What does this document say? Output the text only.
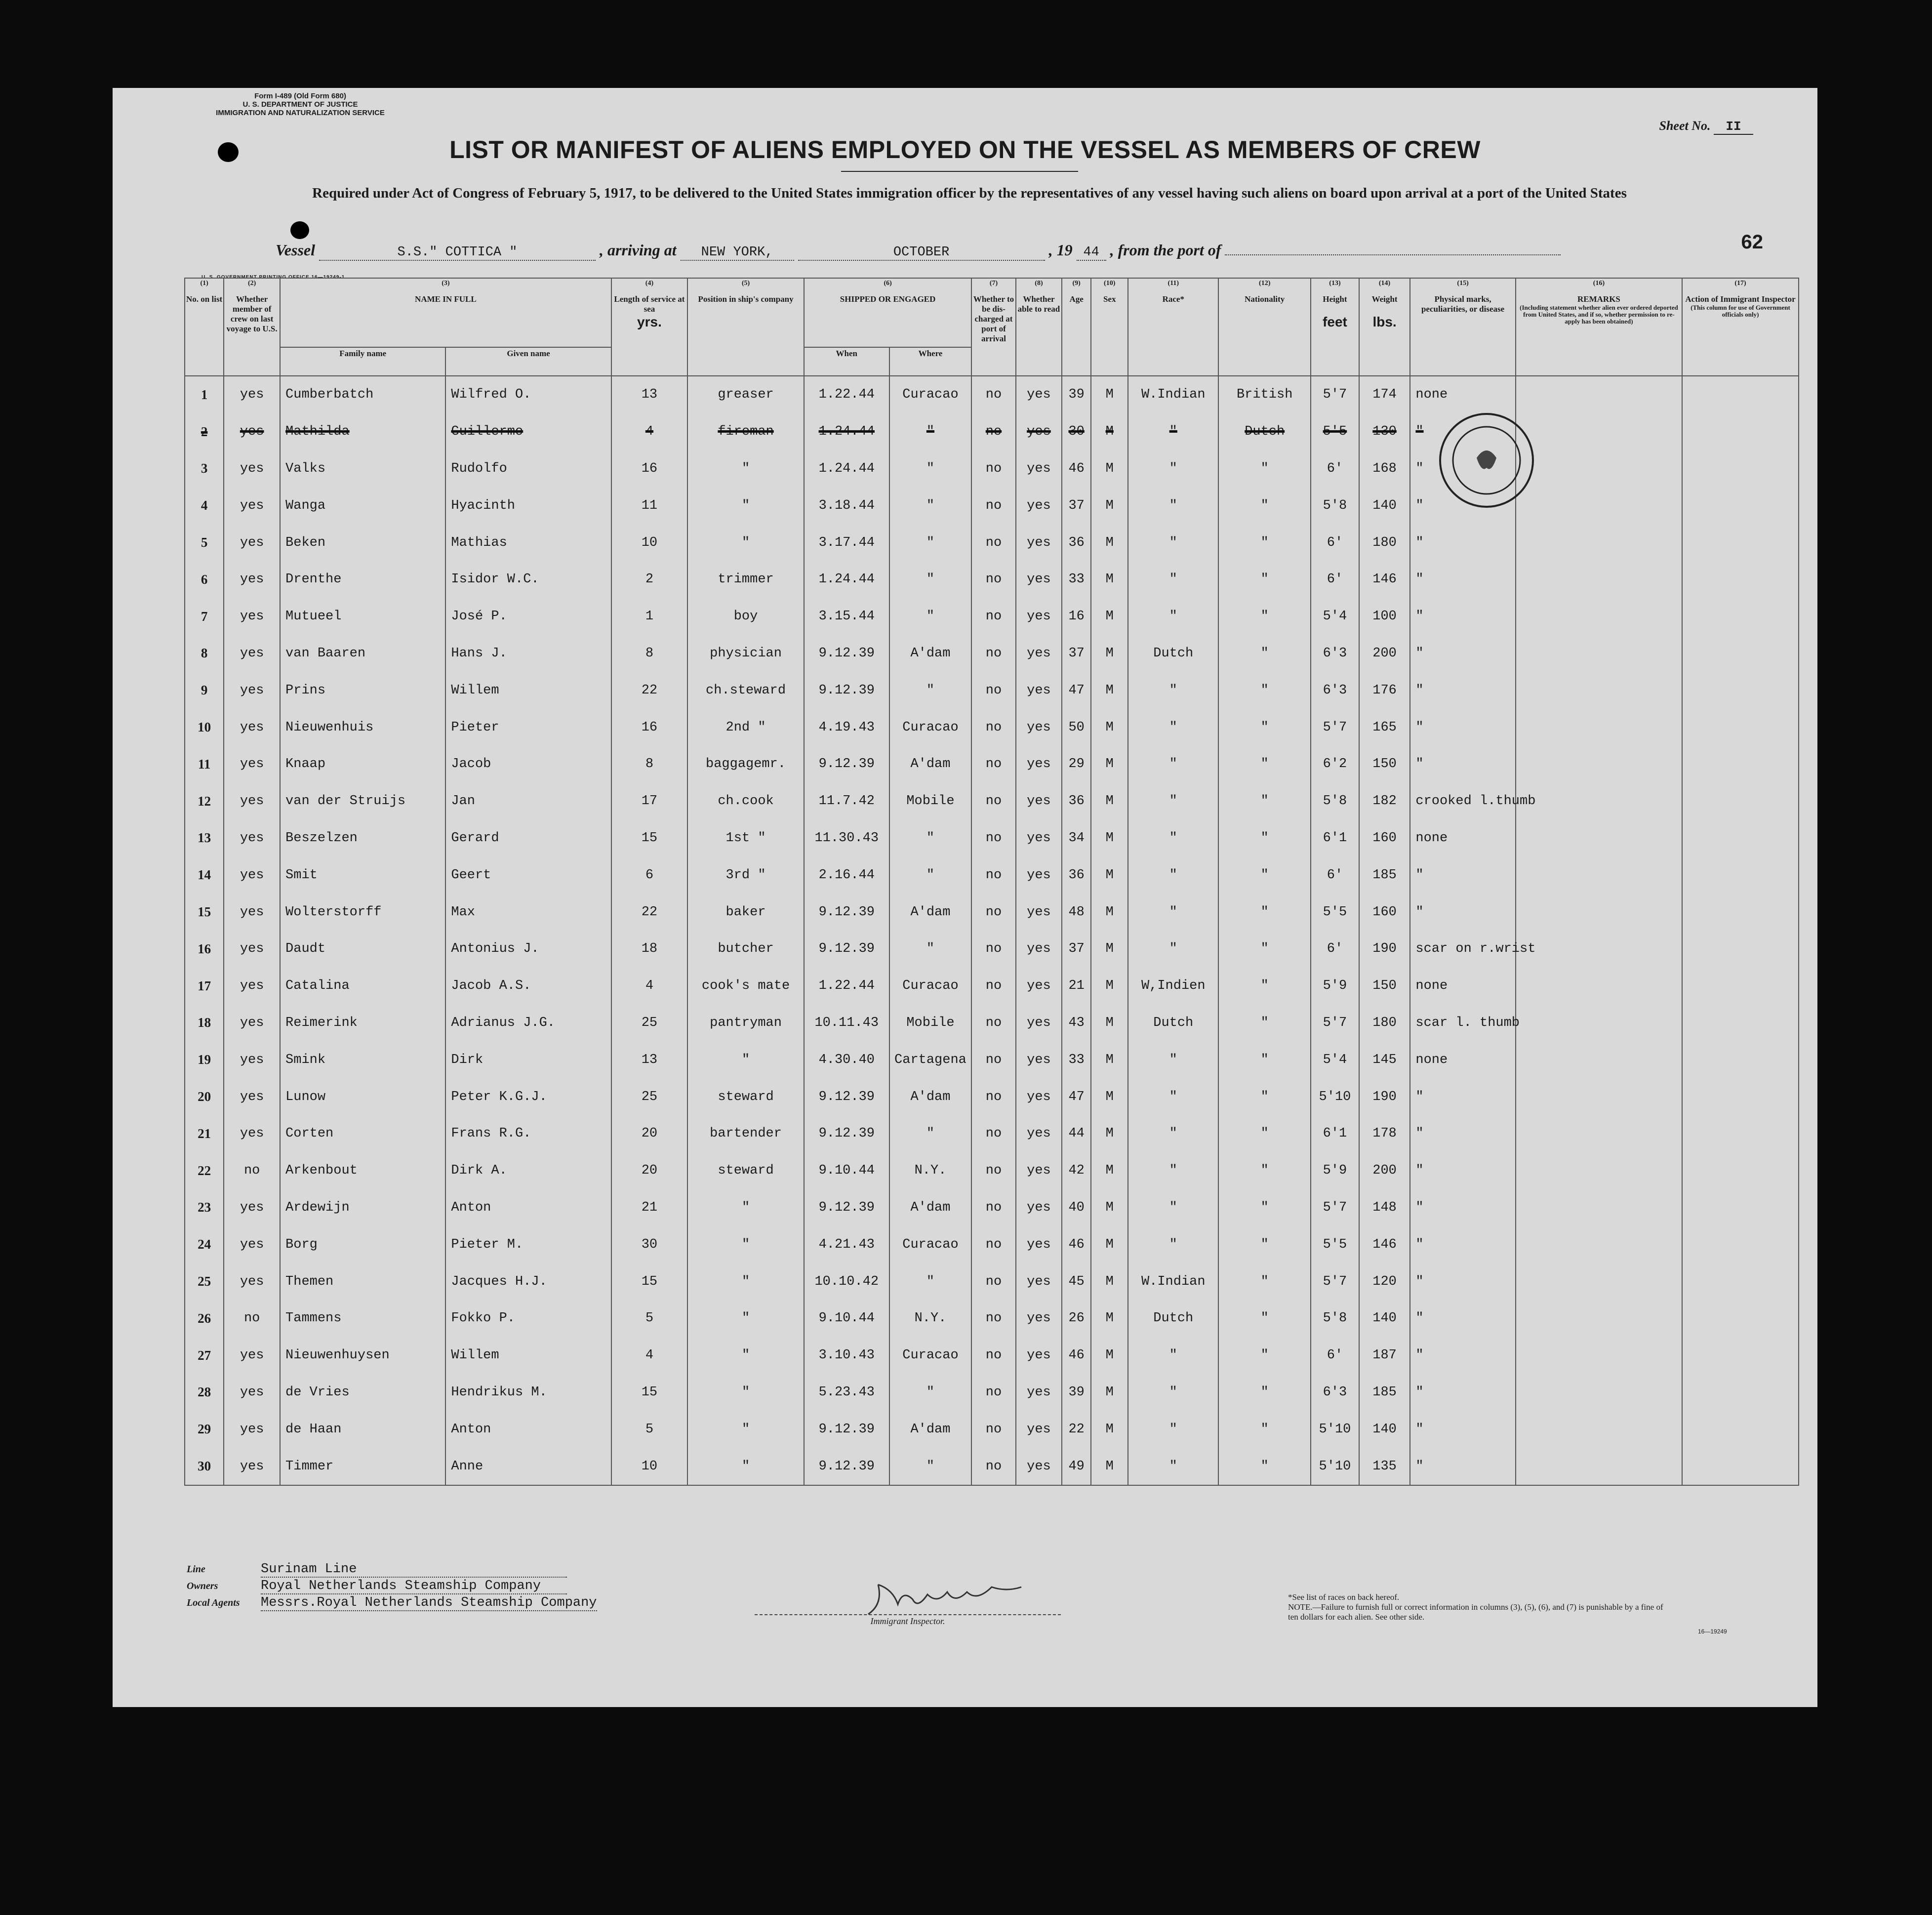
Form I-489 (Old Form 680)
U. S. DEPARTMENT OF JUSTICE
IMMIGRATION AND NATURALIZATION SERVICE
Sheet No. II
LIST OR MANIFEST OF ALIENS EMPLOYED ON THE VESSEL AS MEMBERS OF CREW
Required under Act of Congress of February 5, 1917, to be delivered to the United States immigration officer by the representatives of any vessel having such aliens on board upon arrival at a port of the United States
Vessel	S.S." COTTICA "	, arriving at NEW YORK,	OCTOBER	, 19 44 , from the port of	62
U. S. GOVERNMENT PRINTING OFFICE 16—19249-1
(1)
No. on list	(2)
Whether member of crew on last voyage to U.S.	(3)
NAME IN FULL		(4)
Length of service at sea
yrs.	(5)
Position in ship's company	(6)
SHIPPED OR ENGAGED		(7)
Whether to be dis-charged at port of arrival	(8)
Whether able to read	(9)
Age	(10)
Sex	(11)
Race*	(12)
Nationality	(13)
Height

feet	(14)
Weight

lbs.	(15)
Physical marks, peculiarities, or disease	(16)
REMARKS

(Including statement whether alien ever ordered deported from United States, and if so, whether permission to re-apply has been obtained)	(17)
Action of Immigrant Inspector

(This column for use of Government officials only)

		Family name	Given name			When	Where											
1	yes	Cumberbatch	Wilfred O.	13	greaser	1.22.44	Curacao	no	yes	39	M	W.Indian	British	5'7	174	none		
2	yes	Mathilda	Guillermo	4	fireman	1.24.44	"	no	yes	30	M	"	Dutch	5'5	130	"		
3	yes	Valks	Rudolfo	16	"	1.24.44	"	no	yes	46	M	"	"	6'	168	"		
4	yes	Wanga	Hyacinth	11	"	3.18.44	"	no	yes	37	M	"	"	5'8	140	"		
5	yes	Beken	Mathias	10	"	3.17.44	"	no	yes	36	M	"	"	6'	180	"		
6	yes	Drenthe	Isidor W.C.	2	trimmer	1.24.44	"	no	yes	33	M	"	"	6'	146	"		
7	yes	Mutueel	José P.	1	boy	3.15.44	"	no	yes	16	M	"	"	5'4	100	"		
8	yes	van Baaren	Hans J.	8	physician	9.12.39	A'dam	no	yes	37	M	Dutch	"	6'3	200	"		
9	yes	Prins	Willem	22	ch.steward	9.12.39	"	no	yes	47	M	"	"	6'3	176	"		
10	yes	Nieuwenhuis	Pieter	16	2nd "	4.19.43	Curacao	no	yes	50	M	"	"	5'7	165	"		
11	yes	Knaap	Jacob	8	baggagemr.	9.12.39	A'dam	no	yes	29	M	"	"	6'2	150	"		
12	yes	van der Struijs	Jan	17	ch.cook	11.7.42	Mobile	no	yes	36	M	"	"	5'8	182	crooked l.thumb		
13	yes	Beszelzen	Gerard	15	1st "	11.30.43	"	no	yes	34	M	"	"	6'1	160	none		
14	yes	Smit	Geert	6	3rd "	2.16.44	"	no	yes	36	M	"	"	6'	185	"		
15	yes	Wolterstorff	Max	22	baker	9.12.39	A'dam	no	yes	48	M	"	"	5'5	160	"		
16	yes	Daudt	Antonius J.	18	butcher	9.12.39	"	no	yes	37	M	"	"	6'	190	scar on r.wrist		
17	yes	Catalina	Jacob A.S.	4	cook's mate	1.22.44	Curacao	no	yes	21	M	W,Indien	"	5'9	150	none		
18	yes	Reimerink	Adrianus J.G.	25	pantryman	10.11.43	Mobile	no	yes	43	M	Dutch	"	5'7	180	scar l. thumb		
19	yes	Smink	Dirk	13	"	4.30.40	Cartagena	no	yes	33	M	"	"	5'4	145	none		
20	yes	Lunow	Peter K.G.J.	25	steward	9.12.39	A'dam	no	yes	47	M	"	"	5'10	190	"		
21	yes	Corten	Frans R.G.	20	bartender	9.12.39	"	no	yes	44	M	"	"	6'1	178	"		
22	no	Arkenbout	Dirk A.	20	steward	9.10.44	N.Y.	no	yes	42	M	"	"	5'9	200	"		
23	yes	Ardewijn	Anton	21	"	9.12.39	A'dam	no	yes	40	M	"	"	5'7	148	"		
24	yes	Borg	Pieter M.	30	"	4.21.43	Curacao	no	yes	46	M	"	"	5'5	146	"		
25	yes	Themen	Jacques H.J.	15	"	10.10.42	"	no	yes	45	M	W.Indian	"	5'7	120	"		
26	no	Tammens	Fokko P.	5	"	9.10.44	N.Y.	no	yes	26	M	Dutch	"	5'8	140	"		
27	yes	Nieuwenhuysen	Willem	4	"	3.10.43	Curacao	no	yes	46	M	"	"	6'	187	"		
28	yes	de Vries	Hendrikus M.	15	"	5.23.43	"	no	yes	39	M	"	"	6'3	185	"		
29	yes	de Haan	Anton	5	"	9.12.39	A'dam	no	yes	22	M	"	"	5'10	140	"		
30	yes	Timmer	Anne	10	"	9.12.39	"	no	yes	49	M	"	"	5'10	135	"		
Line	Surinam Line
Owners	Royal Netherlands Steamship Company
Local Agents Messrs.Royal Netherlands Steamship Company
Immigrant Inspector.
*See list of races on back hereof.
NOTE.—Failure to furnish full or correct information in columns (3), (5), (6), and (7) is punishable by a fine of ten dollars for each alien. See other side.
16—19249
